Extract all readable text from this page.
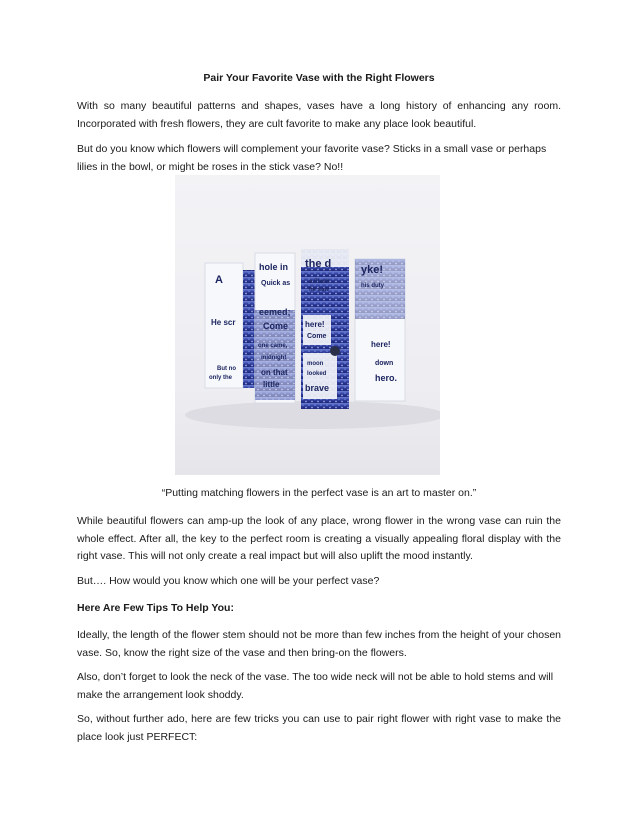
Pair Your Favorite Vase with the Right Flowers

With so many beautiful patterns and shapes, vases have a long history of enhancing any room. Incorporated with fresh flowers, they are cult favorite to make any place look beautiful.

But do you know which flowers will complement your favorite vase? Sticks in a small vase or perhaps lilies in the bowl, or might be roses in the stick vase? No!!

A
He scr
But no
only the
hole in
Quick as
eemed;
Come
one came,
midnight
on that
little
the d
a Flash
he saw
here!
Come
moon
looked
brave
yke!
his duty
here!
down
hero.
“Putting matching flowers in the perfect vase is an art to master on.”

While beautiful flowers can amp-up the look of any place, wrong flower in the wrong vase can ruin the whole effect. After all, the key to the perfect room is creating a visually appealing floral display with the right vase. This will not only create a real impact but will also uplift the mood instantly.

But…. How would you know which one will be your perfect vase?

Here Are Few Tips To Help You:

Ideally, the length of the flower stem should not be more than few inches from the height of your chosen vase. So, know the right size of the vase and then bring-on the flowers.

Also, don’t forget to look the neck of the vase. The too wide neck will not be able to hold stems and will make the arrangement look shoddy.

So, without further ado, here are few tricks you can use to pair right flower with right vase to make the place look just PERFECT:
